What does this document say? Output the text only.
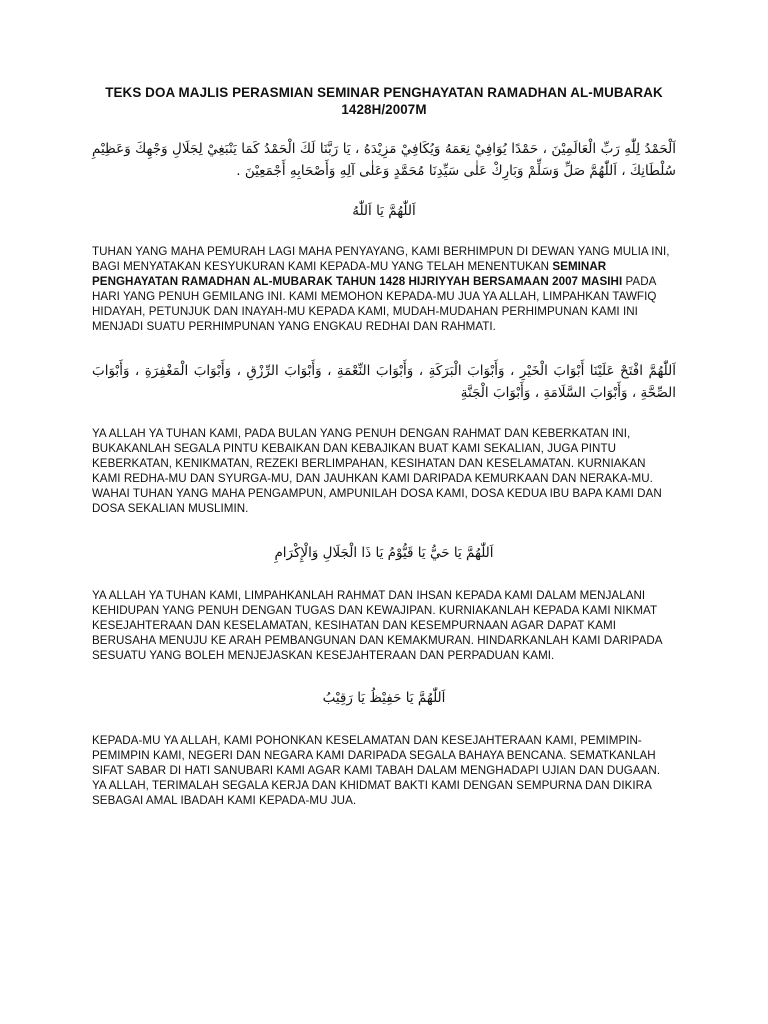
TEKS DOA MAJLIS PERASMIAN SEMINAR PENGHAYATAN RAMADHAN AL-MUBARAK 1428H/2007M
اَلْحَمْدُ لِلّٰهِ رَبِّ الْعَالَمِيْنَ ، حَمْدًا يُوَافِيْ نِعَمَهُ وَيُكَافِيْ مَزِيْدَهُ ، يَا رَبَّنَا لَكَ الْحَمْدُ كَمَا يَنْبَغِيْ لِجَلَالِ وَجْهِكَ وَعَظِيْمِ سُلْطَانِكَ ، اَللّٰهُمَّ صَلِّ وَسَلِّمْ وَبَارِكْ عَلٰى سَيِّدِنَا مُحَمَّدٍ وَعَلٰى آلِهِ وَأَصْحَابِهِ أَجْمَعِيْنَ .
اَللّٰهُمَّ يَا اَللّٰهُ

TUHAN YANG MAHA PEMURAH LAGI MAHA PENYAYANG, KAMI BERHIMPUN DI DEWAN YANG MULIA INI, BAGI MENYATAKAN KESYUKURAN KAMI KEPADA-MU YANG TELAH MENENTUKAN SEMINAR PENGHAYATAN RAMADHAN AL-MUBARAK TAHUN 1428 HIJRIYYAH BERSAMAAN 2007 MASIHI PADA HARI YANG PENUH GEMILANG INI. KAMI MEMOHON KEPADA-MU JUA YA ALLAH, LIMPAHKAN TAWFIQ HIDAYAH, PETUNJUK DAN INAYAH-MU KEPADA KAMI, MUDAH-MUDAHAN PERHIMPUNAN KAMI INI MENJADI SUATU PERHIMPUNAN YANG ENGKAU REDHAI DAN RAHMATI.

اَللّٰهُمَّ افْتَحْ عَلَيْنَا أَبْوَابَ الْخَيْرِ ، وَأَبْوَابَ الْبَرَكَةِ ، وَأَبْوَابَ النِّعْمَةِ ، وَأَبْوَابَ الرِّزْقِ ، وَأَبْوَابَ الْمَغْفِرَةِ ، وَأَبْوَابَ الصِّحَّةِ ، وَأَبْوَابَ السَّلَامَةِ ، وَأَبْوَابَ الْجَنَّةِ

YA ALLAH YA TUHAN KAMI, PADA BULAN YANG PENUH DENGAN RAHMAT DAN KEBERKATAN INI, BUKAKANLAH SEGALA PINTU KEBAIKAN DAN KEBAJIKAN BUAT KAMI SEKALIAN, JUGA PINTU KEBERKATAN, KENIKMATAN, REZEKI BERLIMPAHAN, KESIHATAN DAN KESELAMATAN. KURNIAKAN KAMI REDHA-MU DAN SYURGA-MU, DAN JAUHKAN KAMI DARIPADA KEMURKAAN DAN NERAKA-MU. WAHAI TUHAN YANG MAHA PENGAMPUN, AMPUNILAH DOSA KAMI, DOSA KEDUA IBU BAPA KAMI DAN DOSA SEKALIAN MUSLIMIN.

اَللّٰهُمَّ يَا حَيُّ يَا قَيُّوْمُ يَا ذَا الْجَلَالِ وَالْإِكْرَامِ

YA ALLAH YA TUHAN KAMI, LIMPAHKANLAH RAHMAT DAN IHSAN KEPADA KAMI DALAM MENJALANI KEHIDUPAN YANG PENUH DENGAN TUGAS DAN KEWAJIPAN. KURNIAKANLAH KEPADA KAMI NIKMAT KESEJAHTERAAN DAN KESELAMATAN, KESIHATAN DAN KESEMPURNAAN AGAR DAPAT KAMI BERUSAHA MENUJU KE ARAH PEMBANGUNAN DAN KEMAKMURAN. HINDARKANLAH KAMI DARIPADA SESUATU YANG BOLEH MENJEJASKAN KESEJAHTERAAN DAN PERPADUAN KAMI.

اَللّٰهُمَّ يَا حَفِيْظُ يَا رَقِيْبُ

KEPADA-MU YA ALLAH, KAMI POHONKAN KESELAMATAN DAN KESEJAHTERAAN KAMI, PEMIMPIN-PEMIMPIN KAMI, NEGERI DAN NEGARA KAMI DARIPADA SEGALA BAHAYA BENCANA. SEMATKANLAH SIFAT SABAR DI HATI SANUBARI KAMI AGAR KAMI TABAH DALAM MENGHADAPI UJIAN DAN DUGAAN. YA ALLAH, TERIMALAH SEGALA KERJA DAN KHIDMAT BAKTI KAMI DENGAN SEMPURNA DAN DIKIRA SEBAGAI AMAL IBADAH KAMI KEPADA-MU JUA.
